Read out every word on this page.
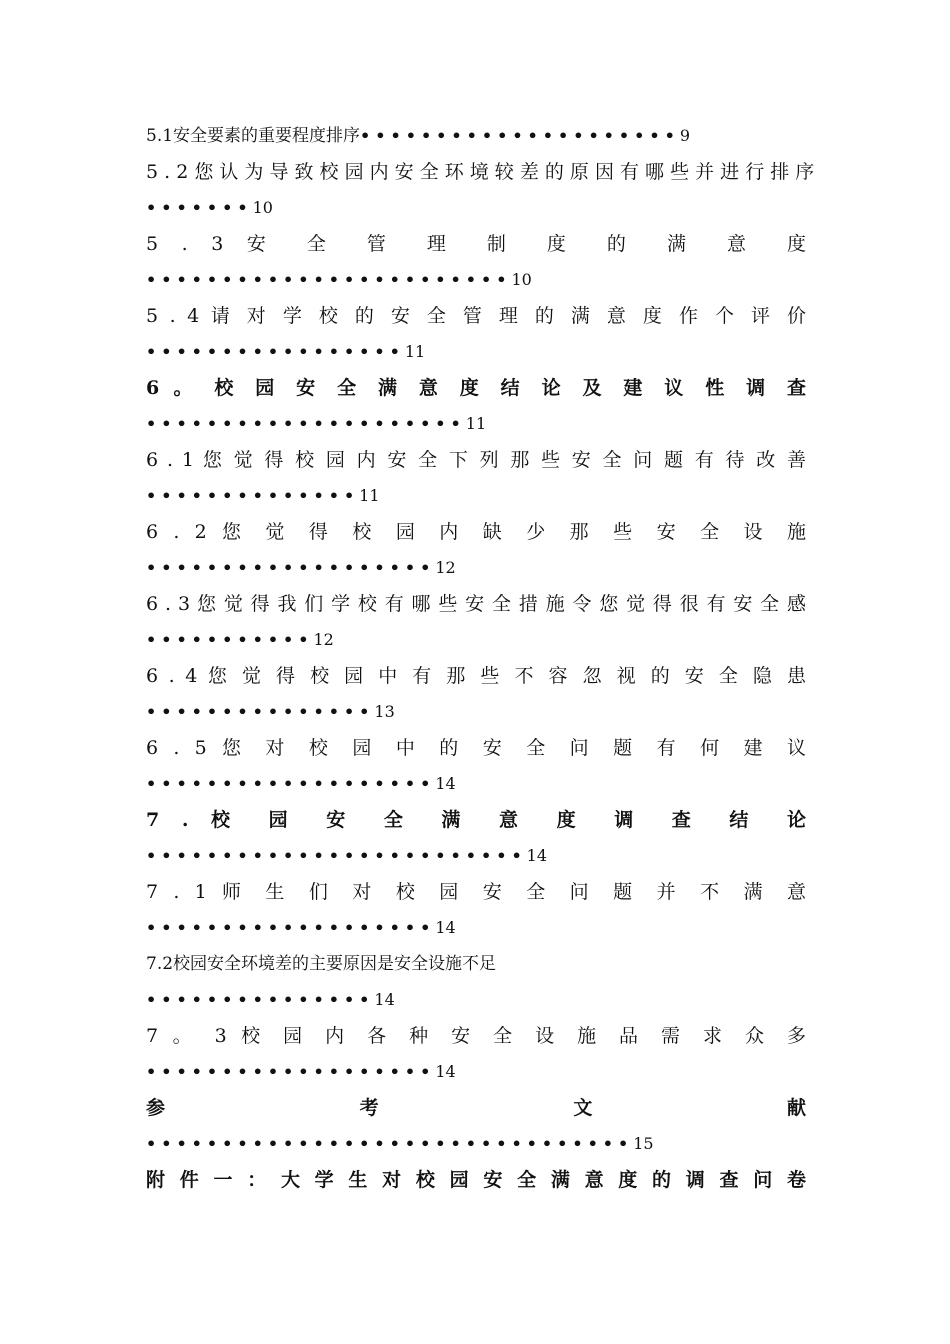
5.1安全要素的重要程度排序•••••••••••••••••••••9
5 . 2 您 认 为 导 致 校 园 内 安 全 环 境 较 差 的 原 因 有 哪 些 并 进 行 排 序
•••••••10
5 . 3 安 全 管 理 制 度 的 满 意 度
••••••••••••••••••••••••10
5 . 4 请 对 学 校 的 安 全 管 理 的 满 意 度 作 个 评 价
•••••••••••••••••11
6 。 校 园 安 全 满 意 度 结 论 及 建 议 性 调 查
•••••••••••••••••••••11
6 . 1 您 觉 得 校 园 内 安 全 下 列 那 些 安 全 问 题 有 待 改 善
••••••••••••••11
6 . 2 您 觉 得 校 园 内 缺 少 那 些 安 全 设 施
•••••••••••••••••••12
6 . 3 您 觉 得 我 们 学 校 有 哪 些 安 全 措 施 令 您 觉 得 很 有 安 全 感
•••••••••••12
6 . 4 您 觉 得 校 园 中 有 那 些 不 容 忽 视 的 安 全 隐 患
•••••••••••••••13
6 . 5 您 对 校 园 中 的 安 全 问 题 有 何 建 议
•••••••••••••••••••14
7 . 校 园 安 全 满 意 度 调 查 结 论
•••••••••••••••••••••••••14
7 . 1 师 生 们 对 校 园 安 全 问 题 并 不 满 意
•••••••••••••••••••14
7.2校园安全环境差的主要原因是安全设施不足
•••••••••••••••14
7 。 3 校 园 内 各 种 安 全 设 施 品 需 求 众 多
•••••••••••••••••••14
参 考 文 献
••••••••••••••••••••••••••••••••15
附 件 一 ： 大 学 生 对 校 园 安 全 满 意 度 的 调 查 问 卷
